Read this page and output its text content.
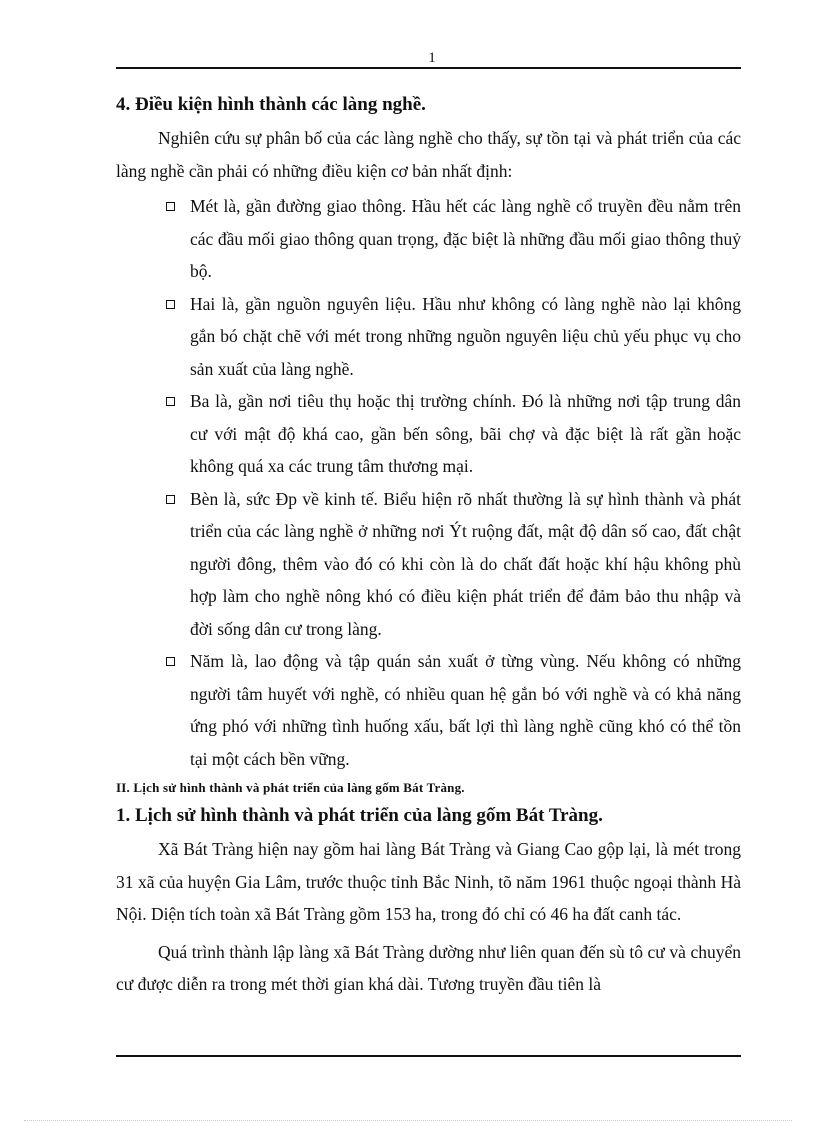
1
4. Điều kiện hình thành các làng nghề.

Nghiên cứu sự phân bố của các làng nghề cho thấy, sự tồn tại và phát triển của các làng nghề cần phải có những điều kiện cơ bản nhất định:

Mét là, gần đường giao thông. Hầu hết các làng nghề cổ truyền đều nằm trên các đầu mối giao thông quan trọng, đặc biệt là những đầu mối giao thông thuỷ bộ.
Hai là, gần nguồn nguyên liệu. Hầu như không có làng nghề nào lại không gắn bó chặt chẽ với mét trong những nguồn nguyên liệu chủ yếu phục vụ cho sản xuất của làng nghề.
Ba là, gần nơi tiêu thụ hoặc thị trường chính. Đó là những nơi tập trung dân cư với mật độ khá cao, gần bến sông, bãi chợ và đặc biệt là rất gần hoặc không quá xa các trung tâm thương mại.
Bèn là, sức Ðp về kinh tế. Biểu hiện rõ nhất thường là sự hình thành và phát triển của các làng nghề ở những nơi Ýt ruộng đất, mật độ dân số cao, đất chật người đông, thêm vào đó có khi còn là do chất đất hoặc khí hậu không phù hợp làm cho nghề nông khó có điều kiện phát triển để đảm bảo thu nhập và đời sống dân cư trong làng.
Năm là, lao động và tập quán sản xuất ở từng vùng. Nếu không có những người tâm huyết với nghề, có nhiều quan hệ gắn bó với nghề và có khả năng ứng phó với những tình huống xấu, bất lợi thì làng nghề cũng khó có thể tồn tại một cách bền vững.
II. Lịch sử hình thành và phát triển của làng gốm Bát Tràng.
1. Lịch sử hình thành và phát triển của làng gốm Bát Tràng.

Xã Bát Tràng hiện nay gồm hai làng Bát Tràng và Giang Cao gộp lại, là mét trong 31 xã của huyện Gia Lâm, trước thuộc tỉnh Bắc Ninh, tõ năm 1961 thuộc ngoại thành Hà Nội. Diện tích toàn xã Bát Tràng gồm 153 ha, trong đó chỉ có 46 ha đất canh tác.

Quá trình thành lập làng xã Bát Tràng dường như liên quan đến sù tô cư và chuyển cư được diễn ra trong mét thời gian khá dài. Tương truyền đầu tiên là
